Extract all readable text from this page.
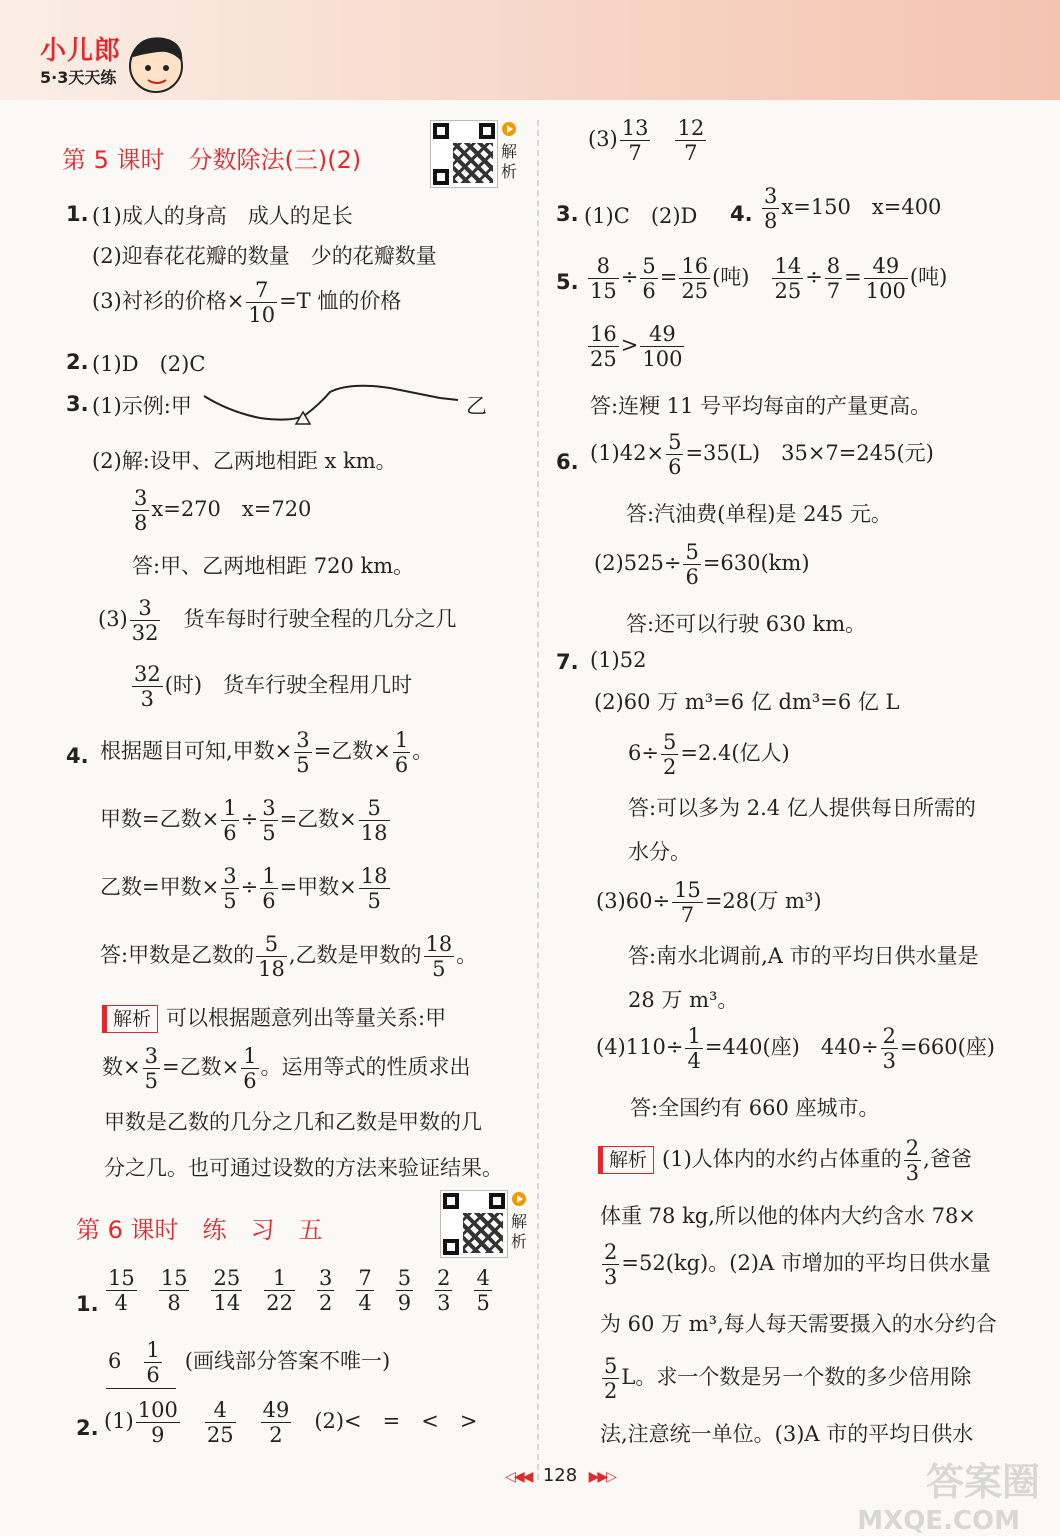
小儿郎
5·3天天练
第 5 课时　分数除法(三)(2)	解析
1. (1)成人的身高　成人的足长
(2)迎春花花瓣的数量　少的花瓣数量
(3)衬衫的价格× $\frac{7}{10} =T$ 恤的价格
2. (1)D　(2)C
3. (1)示例:甲	乙
(2)解:设甲、乙两地相距 x km。
$\frac{3}{8} x=270$　x=720
答:甲、乙两地相距 720 km。
$(3) \frac{3}{32}$
　 货车每时行驶全程的几分之几
$\frac{32}{3}$ (时)　 货车行驶全程用几时
4. 根据题目可知,甲数× $\frac{3}{5}$ =乙数× $\frac{1}{6}$ 。
甲数=乙数× $\frac{1}{6} \div \frac{3}{5}$ =乙数× $\frac{5}{18}$
乙数=甲数× $\frac{3}{5} \div \frac{1}{6}$ =甲数× $\frac{18}{5}$
答:甲数是乙数的 $\frac{5}{18}$ ,乙数是甲数的 $\frac{18}{5}$ 。
解析 可以根据题意列出等量关系:甲
数× $\frac{3}{5}$ =乙数× $\frac{1}{6}$ 。运用等式的性质求出
甲数是乙数的几分之几和乙数是甲数的几
分之几。也可通过设数的方法来验证结果。
第 6 课时　练　习　五	解析
1. $\frac{15}{4} \frac{15}{8} \frac{25}{14} \frac{1}{22} \frac{3}{2} \frac{7}{4} \frac{5}{9} \frac{2}{3} \frac{4}{5}$
6　 $\frac{1}{6}$
　 (画线部分答案不唯一)
2. $(1) \frac{100}{9}$
　 $\frac{4}{25}$
　 $\frac{49}{2}$
　 (2)<　=　<　>
$(3) \frac{13}{7}$
　 $\frac{12}{7}$
3. (1)C　(2)D 4. $\frac{3}{8} x=150$　x=400
5. $\frac{8}{15} \div \frac{5}{6} = \frac{16}{25}$ (吨)　 $\frac{14}{25} \div \frac{8}{7} = \frac{49}{100}$ (吨)
$\frac{16}{25} > \frac{49}{100}$
答:连粳 11 号平均每亩的产量更高。
6. $(1)42\times \frac{5}{6} =35(L)$　35×7=245(元)
答:汽油费(单程)是 245 元。
$(2)525\div \frac{5}{6} =630(km)$
答:还可以行驶 630 km。
7. (1)52
(2)60 万 m³=6 亿 dm³=6 亿 L
$6\div \frac{5}{2} =2.4$(亿人)
答:可以多为 2.4 亿人提供每日所需的
水分。
$(3)60\div \frac{15}{7} =28$(万 m³)
答:南水北调前,A 市的平均日供水量是
28 万 m³。
$(4)110\div \frac{1}{4} =440$(座)　$440\div \frac{2}{3} =660$(座)
答:全国约有 660 座城市。
解析 (1)人体内的水约占体重的 $\frac{2}{3}$ ,爸爸
体重 78 kg,所以他的体内大约含水 78×
$\frac{2}{3} =52(kg)$。(2)A 市增加的平均日供水量
为 60 万 m³,每人每天需要摄入的水分约合
$\frac{5}{2}$ L。求一个数是另一个数的多少倍用除
法,注意统一单位。(3)A 市的平均日供水
◁◀◀ 128 ▶▶▷	答案圈
MXQE.COM
